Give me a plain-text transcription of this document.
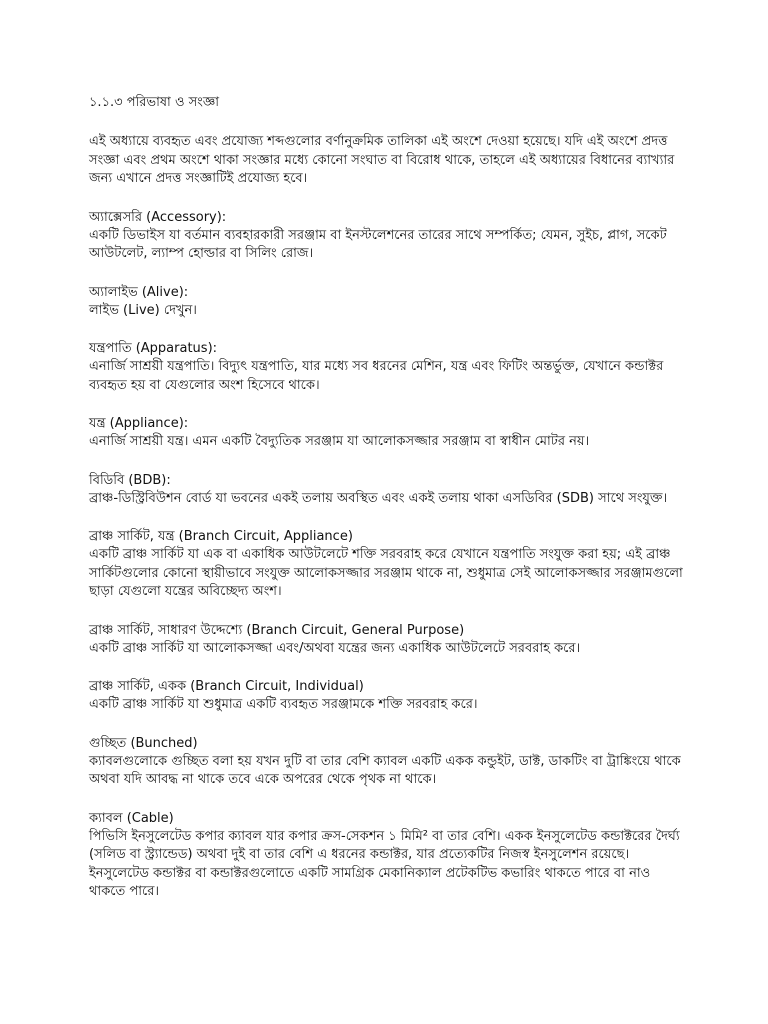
১.১.৩ পরিভাষা ও সংজ্ঞা

এই অধ্যায়ে ব্যবহৃত এবং প্রযোজ্য শব্দগুলোর বর্ণানুক্রমিক তালিকা এই অংশে দেওয়া হয়েছে। যদি এই অংশে প্রদত্ত সংজ্ঞা এবং প্রথম অংশে থাকা সংজ্ঞার মধ্যে কোনো সংঘাত বা বিরোধ থাকে, তাহলে এই অধ্যায়ের বিধানের ব্যাখ্যার জন্য এখানে প্রদত্ত সংজ্ঞাটিই প্রযোজ্য হবে।

অ্যাক্সেসরি (Accessory):

একটি ডিভাইস যা বর্তমান ব্যবহারকারী সরঞ্জাম বা ইনস্টলেশনের তারের সাথে সম্পর্কিত; যেমন, সুইচ, প্লাগ, সকেট আউটলেট, ল্যাম্প হোল্ডার বা সিলিং রোজ।

অ্যালাইভ (Alive):

লাইভ (Live) দেখুন।

যন্ত্রপাতি (Apparatus):

এনার্জি সাশ্রয়ী যন্ত্রপাতি। বিদ্যুৎ যন্ত্রপাতি, যার মধ্যে সব ধরনের মেশিন, যন্ত্র এবং ফিটিং অন্তর্ভুক্ত, যেখানে কন্ডাক্টর ব্যবহৃত হয় বা যেগুলোর অংশ হিসেবে থাকে।

যন্ত্র (Appliance):

এনার্জি সাশ্রয়ী যন্ত্র। এমন একটি বৈদ্যুতিক সরঞ্জাম যা আলোকসজ্জার সরঞ্জাম বা স্বাধীন মোটর নয়।

বিডিবি (BDB):

ব্রাঞ্চ-ডিস্ট্রিবিউশন বোর্ড যা ভবনের একই তলায় অবস্থিত এবং একই তলায় থাকা এসডিবির (SDB) সাথে সংযুক্ত।

ব্রাঞ্চ সার্কিট, যন্ত্র (Branch Circuit, Appliance)

একটি ব্রাঞ্চ সার্কিট যা এক বা একাধিক আউটলেটে শক্তি সরবরাহ করে যেখানে যন্ত্রপাতি সংযুক্ত করা হয়; এই ব্রাঞ্চ সার্কিটগুলোর কোনো স্থায়ীভাবে সংযুক্ত আলোকসজ্জার সরঞ্জাম থাকে না, শুধুমাত্র সেই আলোকসজ্জার সরঞ্জামগুলো ছাড়া যেগুলো যন্ত্রের অবিচ্ছেদ্য অংশ।

ব্রাঞ্চ সার্কিট, সাধারণ উদ্দেশ্যে (Branch Circuit, General Purpose)

একটি ব্রাঞ্চ সার্কিট যা আলোকসজ্জা এবং/অথবা যন্ত্রের জন্য একাধিক আউটলেটে সরবরাহ করে।

ব্রাঞ্চ সার্কিট, একক (Branch Circuit, Individual)

একটি ব্রাঞ্চ সার্কিট যা শুধুমাত্র একটি ব্যবহৃত সরঞ্জামকে শক্তি সরবরাহ করে।

গুচ্ছিত (Bunched)

ক্যাবলগুলোকে গুচ্ছিত বলা হয় যখন দুটি বা তার বেশি ক্যাবল একটি একক কন্ডুইট, ডাক্ট, ডাকটিং বা ট্রাঙ্কিংয়ে থাকে অথবা যদি আবদ্ধ না থাকে তবে একে অপরের থেকে পৃথক না থাকে।

ক্যাবল (Cable)

পিভিসি ইনসুলেটেড কপার ক্যাবল যার কপার ক্রস-সেকশন ১ মিমি² বা তার বেশি। একক ইনসুলেটেড কন্ডাক্টরের দৈর্ঘ্য (সলিড বা স্ট্র্যান্ডেড) অথবা দুই বা তার বেশি এ ধরনের কন্ডাক্টর, যার প্রত্যেকটির নিজস্ব ইনসুলেশন রয়েছে। ইনসুলেটেড কন্ডাক্টর বা কন্ডাক্টরগুলোতে একটি সামগ্রিক মেকানিক্যাল প্রটেকটিভ কভারিং থাকতে পারে বা নাও থাকতে পারে।
